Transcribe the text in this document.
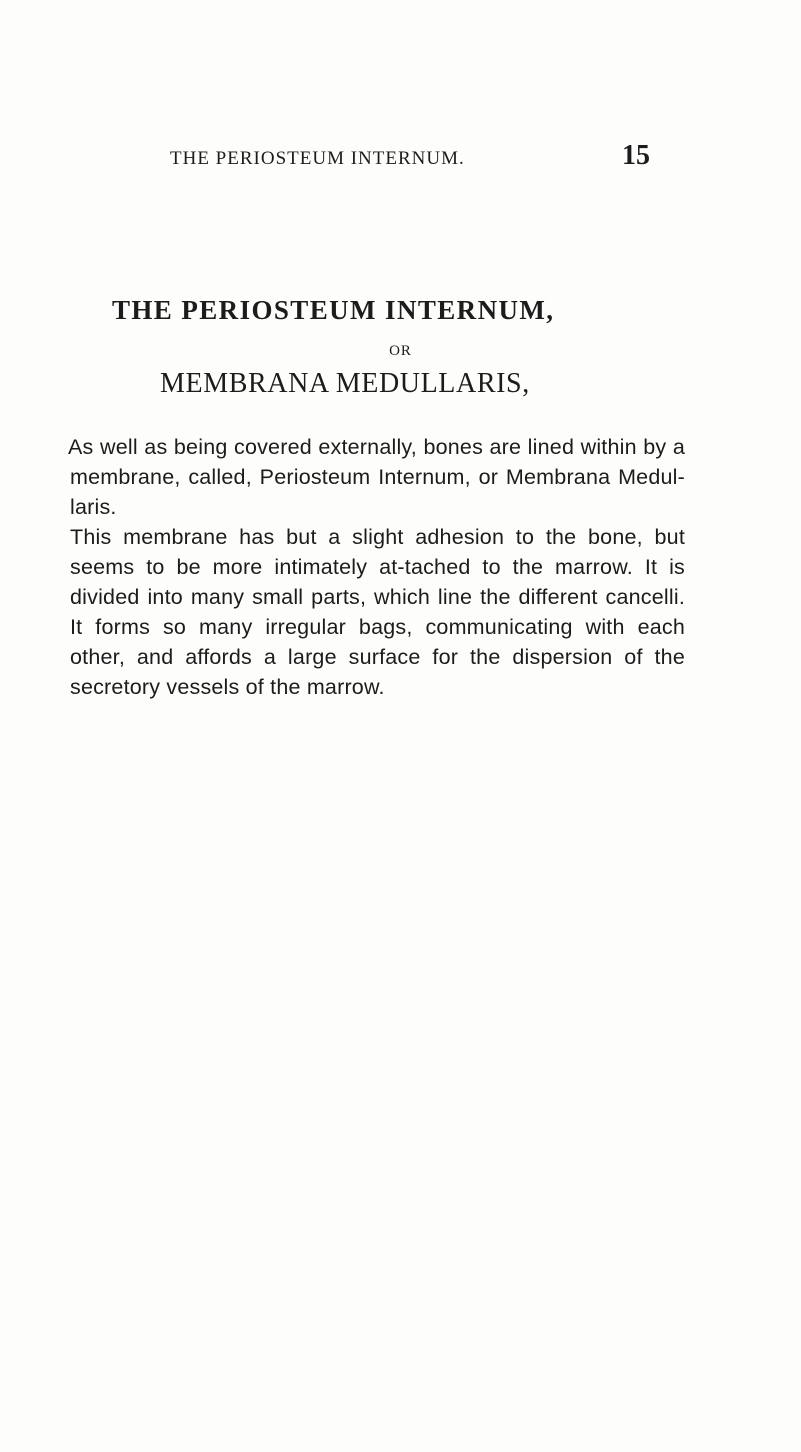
THE PERIOSTEUM INTERNUM.	15
THE PERIOSTEUM INTERNUM,
OR
MEMBRANA MEDULLARIS,

As well as being covered externally, bones are lined within by a membrane, called, Periosteum Internum, or Membrana Medul-laris.

This membrane has but a slight adhesion to the bone, but seems to be more intimately at-tached to the marrow. It is divided into many small parts, which line the different cancelli. It forms so many irregular bags, communicating with each other, and affords a large surface for the dispersion of the secretory vessels of the marrow.
